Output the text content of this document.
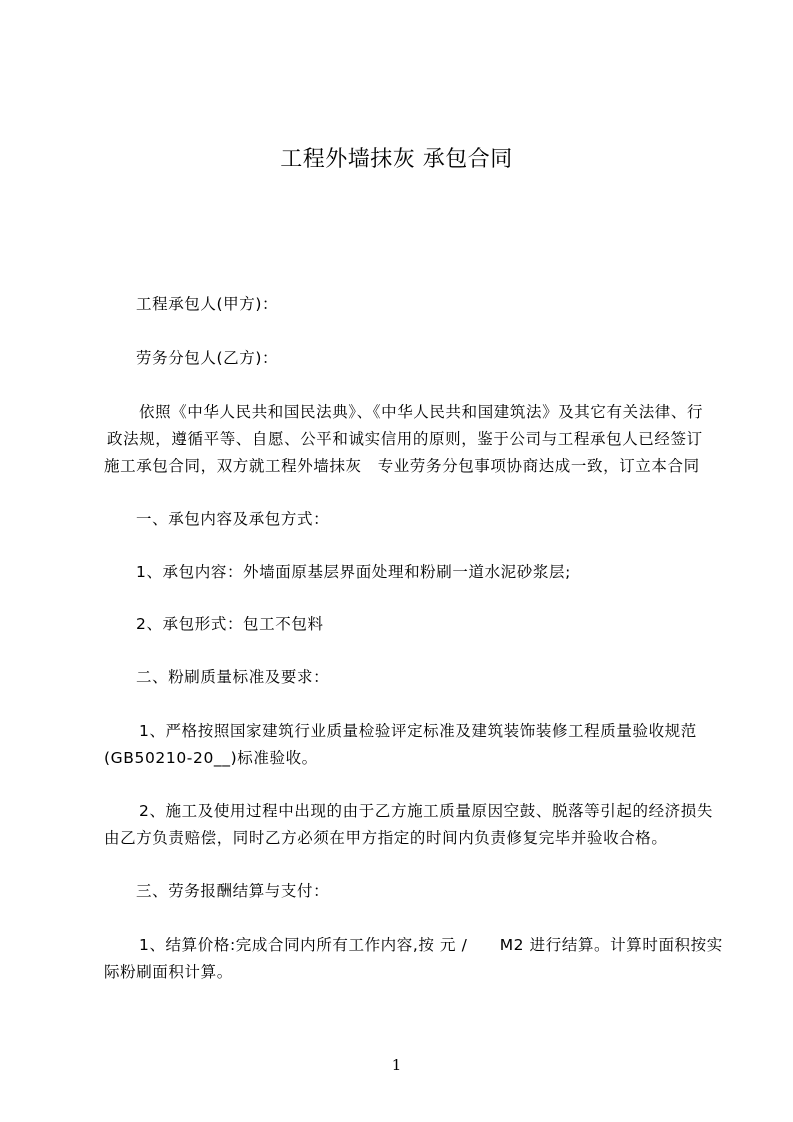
工程外墙抹灰 承包合同
工程承包人(甲方)：
劳务分包人(乙方)：
依照《中华人民共和国民法典》、《中华人民共和国建筑法》及其它有关法律、行
政法规，遵循平等、自愿、公平和诚实信用的原则，鉴于公司与工程承包人已经签订
施工承包合同，双方就工程外墙抹灰　专业劳务分包事项协商达成一致，订立本合同
一、承包内容及承包方式：
1、承包内容：外墙面原基层界面处理和粉刷一道水泥砂浆层;
2、承包形式：包工不包料
二、粉刷质量标准及要求：
1、严格按照国家建筑行业质量检验评定标准及建筑装饰装修工程质量验收规范
(GB50210-20__)标准验收。
2、施工及使用过程中出现的由于乙方施工质量原因空鼓、脱落等引起的经济损失
由乙方负责赔偿，同时乙方必须在甲方指定的时间内负责修复完毕并验收合格。
三、劳务报酬结算与支付：
1、结算价格:完成合同内所有工作内容,按 元 /　　M2 进行结算。计算时面积按实
际粉刷面积计算。
1
